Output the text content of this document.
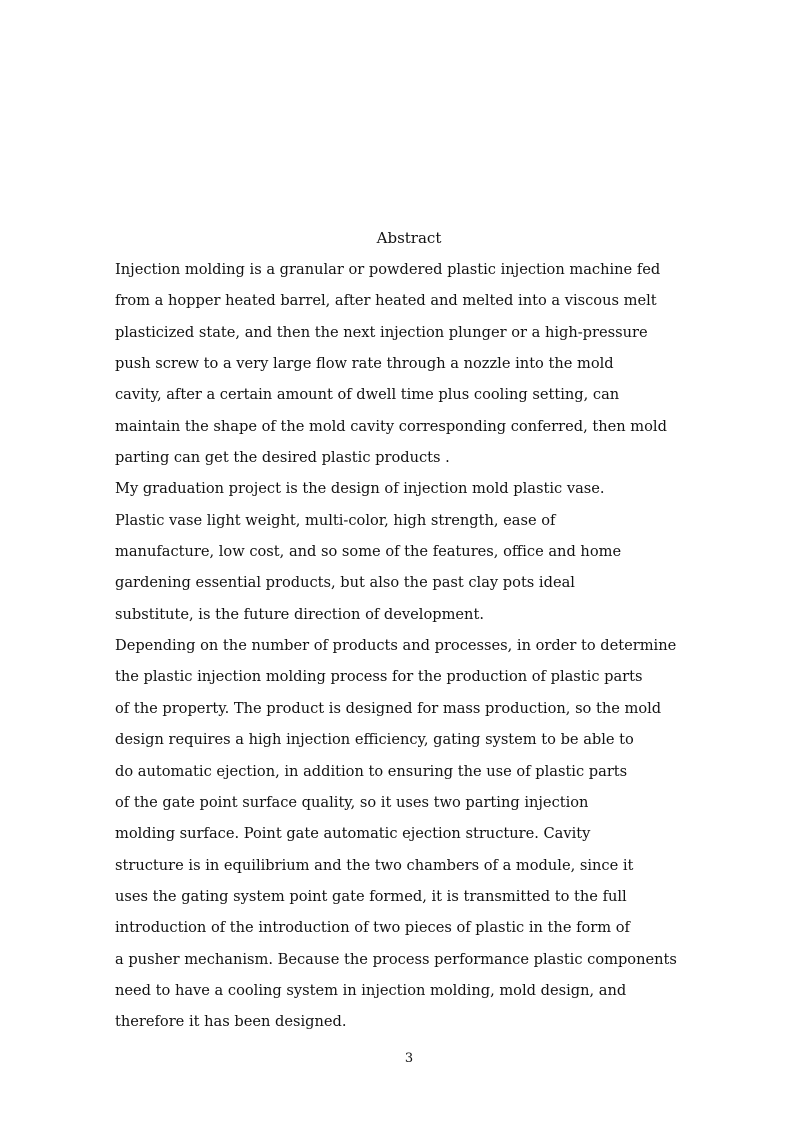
Abstract
Injection molding is a granular or powdered plastic injection machine fed
from a hopper heated barrel, after heated and melted into a viscous melt
plasticized state, and then the next injection plunger or a high-pressure
push screw to a very large flow rate through a nozzle into the mold
cavity, after a certain amount of dwell time plus cooling setting, can
maintain the shape of the mold cavity corresponding conferred, then mold
parting can get the desired plastic products .
My graduation project is the design of injection mold plastic vase.
Plastic vase light weight, multi-color, high strength, ease of
manufacture, low cost, and so some of the features, office and home
gardening essential products, but also the past clay pots ideal
substitute, is the future direction of development.
Depending on the number of products and processes, in order to determine
the plastic injection molding process for the production of plastic parts
of the property. The product is designed for mass production, so the mold
design requires a high injection efficiency, gating system to be able to
do automatic ejection, in addition to ensuring the use of plastic parts
of the gate point surface quality, so it uses two parting injection
molding surface. Point gate automatic ejection structure. Cavity
structure is in equilibrium and the two chambers of a module, since it
uses the gating system point gate formed, it is transmitted to the full
introduction of the introduction of two pieces of plastic in the form of
a pusher mechanism. Because the process performance plastic components
need to have a cooling system in injection molding, mold design, and
therefore it has been designed.
3
